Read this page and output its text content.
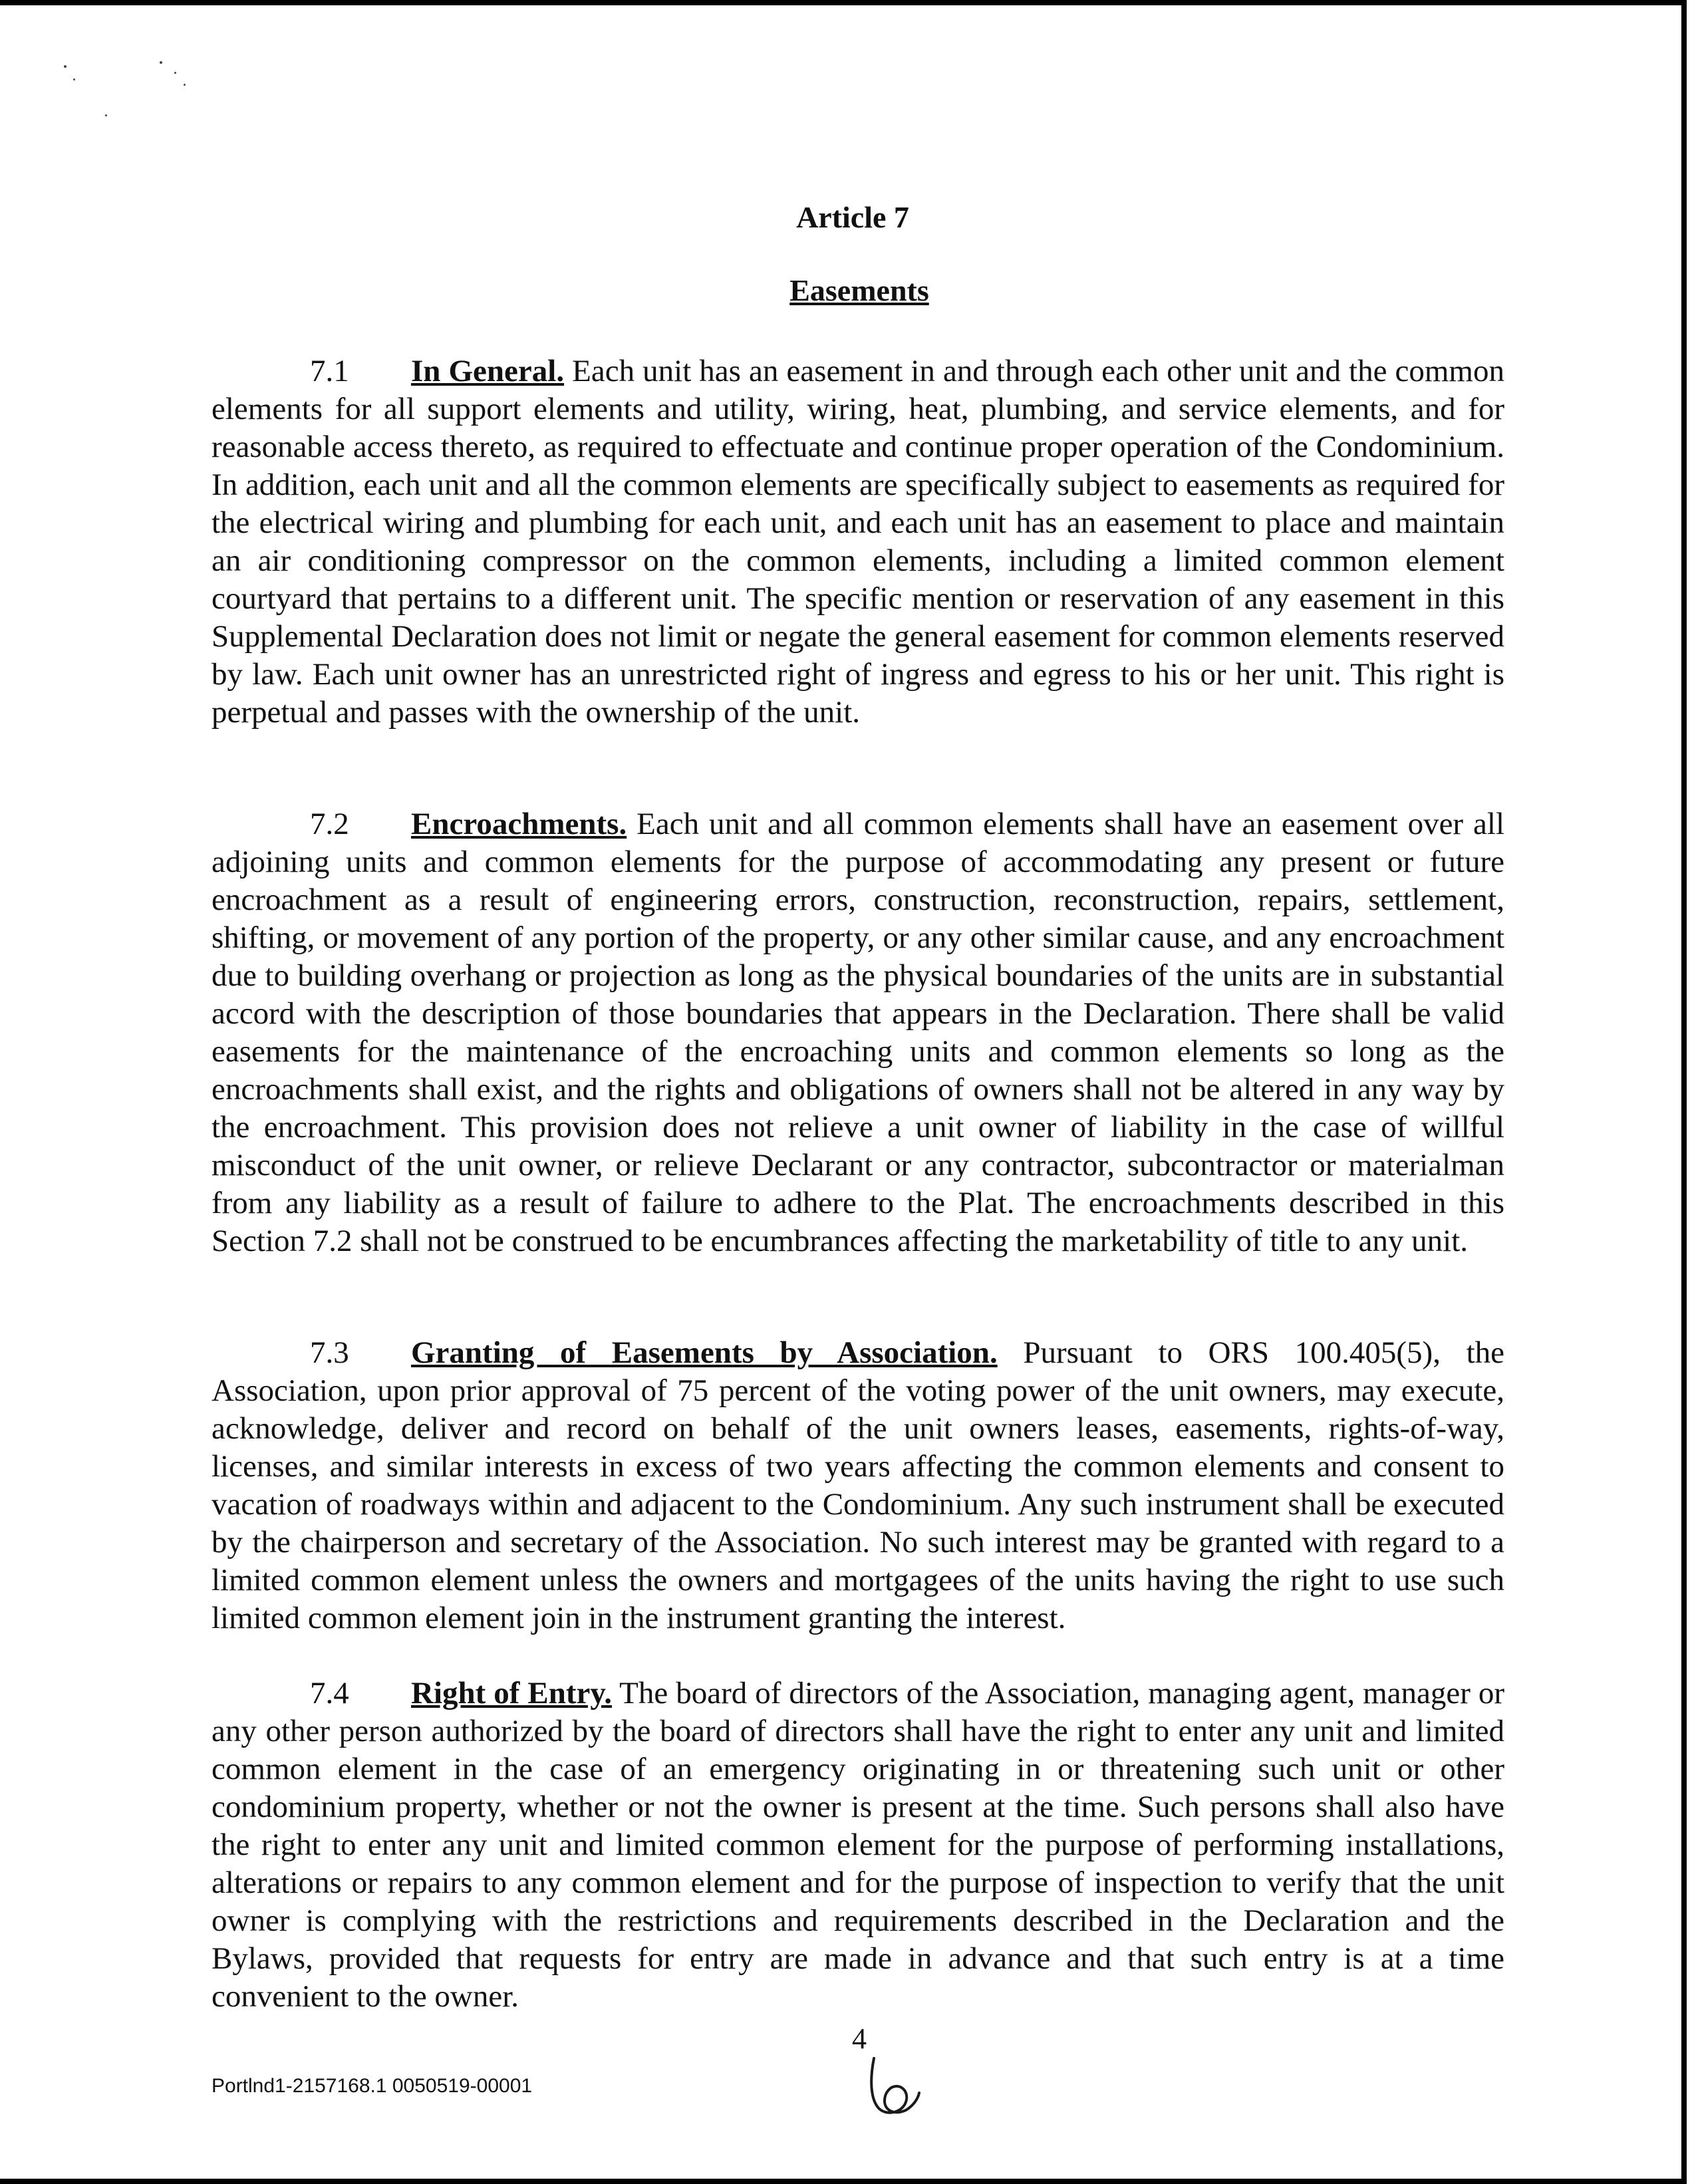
Article 7
Easements

7.1 In General. Each unit has an easement in and through each other unit and the common elements for all support elements and utility, wiring, heat, plumbing, and service elements, and for reasonable access thereto, as required to effectuate and continue proper operation of the Condominium. In addition, each unit and all the common elements are specifically subject to easements as required for the electrical wiring and plumbing for each unit, and each unit has an easement to place and maintain an air conditioning compressor on the common elements, including a limited common element courtyard that pertains to a different unit. The specific mention or reservation of any easement in this Supplemental Declaration does not limit or negate the general easement for common elements reserved by law. Each unit owner has an unrestricted right of ingress and egress to his or her unit. This right is perpetual and passes with the ownership of the unit.

7.2 Encroachments. Each unit and all common elements shall have an easement over all adjoining units and common elements for the purpose of accommodating any present or future encroachment as a result of engineering errors, construction, reconstruction, repairs, settlement, shifting, or movement of any portion of the property, or any other similar cause, and any encroachment due to building overhang or projection as long as the physical boundaries of the units are in substantial accord with the description of those boundaries that appears in the Declaration. There shall be valid easements for the maintenance of the encroaching units and common elements so long as the encroachments shall exist, and the rights and obligations of owners shall not be altered in any way by the encroachment. This provision does not relieve a unit owner of liability in the case of willful misconduct of the unit owner, or relieve Declarant or any contractor, subcontractor or materialman from any liability as a result of failure to adhere to the Plat. The encroachments described in this Section 7.2 shall not be construed to be encumbrances affecting the marketability of title to any unit.

7.3 Granting of Easements by Association. Pursuant to ORS 100.405(5), the Association, upon prior approval of 75 percent of the voting power of the unit owners, may execute, acknowledge, deliver and record on behalf of the unit owners leases, easements, rights-of-way, licenses, and similar interests in excess of two years affecting the common elements and consent to vacation of roadways within and adjacent to the Condominium. Any such instrument shall be executed by the chairperson and secretary of the Association. No such interest may be granted with regard to a limited common element unless the owners and mortgagees of the units having the right to use such limited common element join in the instrument granting the interest.

7.4 Right of Entry. The board of directors of the Association, managing agent, manager or any other person authorized by the board of directors shall have the right to enter any unit and limited common element in the case of an emergency originating in or threatening such unit or other condominium property, whether or not the owner is present at the time. Such persons shall also have the right to enter any unit and limited common element for the purpose of performing installations, alterations or repairs to any common element and for the purpose of inspection to verify that the unit owner is complying with the restrictions and requirements described in the Declaration and the Bylaws, provided that requests for entry are made in advance and that such entry is at a time convenient to the owner.

4
Portlnd1-2157168.1 0050519-00001
